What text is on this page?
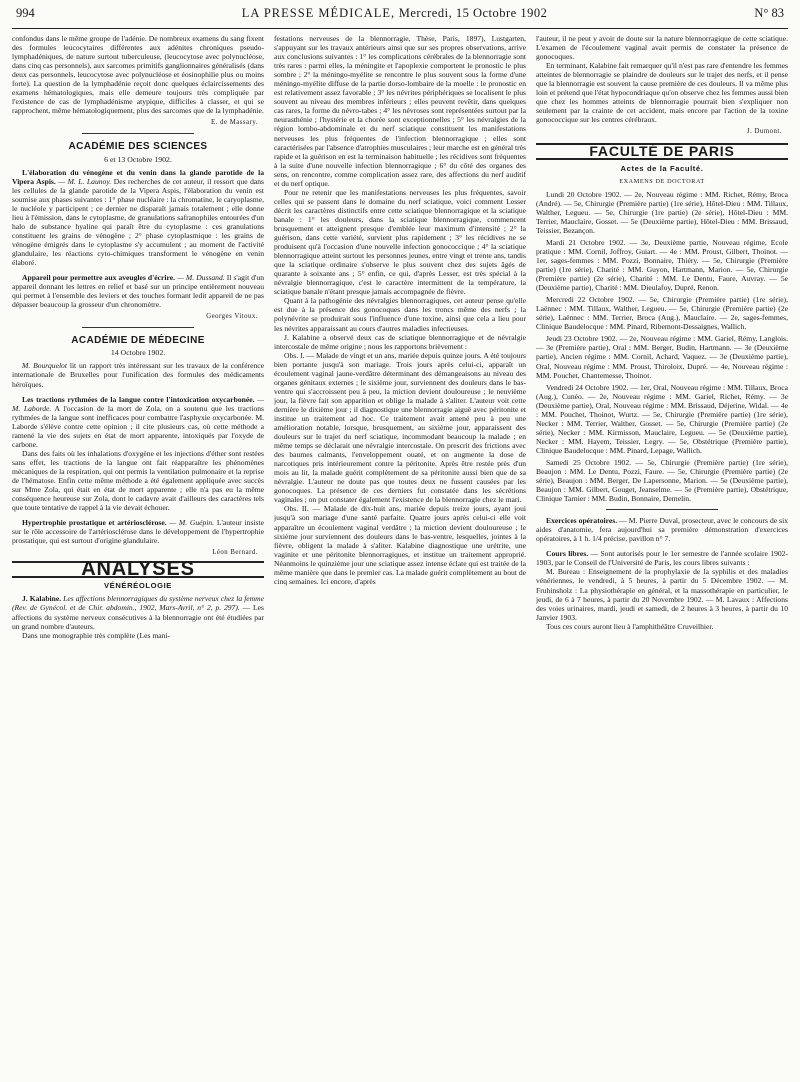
994	LA PRESSE MÉDICALE, Mercredi, 15 Octobre 1902	N° 83

confondus dans le même groupe de l'adénie. De nombreux examens du sang fixent des formules leucocytaires différentes aux adénites chroniques pseudo-lymphadéniques, de nature surtout tuberculeuse, (leucocytose avec polynucléose, dans cinq cas personnels), aux sarcomes primitifs ganglionnaires généralisés (dans deux cas personnels, leucocytose avec polynucléose et éosinophilie plus ou moins forte). La question de la lymphadénie reçoit donc quelques éclaircissements des examens hématologiques, mais elle demeure toujours très compliquée par l'existence de cas de lymphadénisme atypique, difficiles à classer, et qui se rapprochent, même hématologiquement, plus des sarcomes que de la lymphadénie.

E. de Massary.

ACADÉMIE DES SCIENCES
6 et 13 Octobre 1902.

L'élaboration du vénogène et du venin dans la glande parotide de la Vipera Aspis. — M. L. Launoy. Des recherches de cet auteur, il ressort que dans les cellules de la glande parotide de la Vipera Aspis, l'élaboration du venin est soumise aux phases suivantes : 1° phase nucléaire : la chromatine, le caryoplasme, le nucléole y participent ; ce dernier ne disparaît jamais totalement ; elle donne lieu à l'émission, dans le cytoplasme, de granulations safranophiles entourées d'un halo de substance hyaline qui paraît être du cytoplasme : ces granulations constituent les grains de vénogène ; 2° phase cytoplasmique : les grains de vénogène émigrés dans le cytoplasme s'y accumulent ; au moment de l'activité glandulaire, les réactions cyto-chimiques transforment le vénogène en venin élaboré.

Appareil pour permettre aux aveugles d'écrire. — M. Dussand. Il s'agit d'un appareil donnant les lettres en relief et basé sur un principe entièrement nouveau qui permet à l'ensemble des leviers et des touches formant ledit appareil de ne pas dépasser beaucoup la grosseur d'un chronomètre.

Georges Vitoux.

ACADÉMIE DE MÉDECINE
14 Octobre 1902.

M. Bourquelot lit un rapport très intéressant sur les travaux de la conférence internationale de Bruxelles pour l'unification des formules des médicaments héroïques.

Les tractions rythmées de la langue contre l'intoxication oxycarbonée. — M. Laborde. A l'occasion de la mort de Zola, on a soutenu que les tractions rythmées de la langue sont inefficaces pour combattre l'asphyxie oxycarbonée. M. Laborde s'élève contre cette opinion ; il cite plusieurs cas, où cette méthode a ramené la vie des sujets en état de mort apparente, intoxiqués par l'oxyde de carbone.

Dans des faits où les inhalations d'oxygène et les injections d'éther sont restées sans effet, les tractions de la langue ont fait réapparaître les phénomènes mécaniques de la respiration, qui ont permis la ventilation pulmonaire et la reprise de l'hématose. Enfin cette même méthode a été également appliquée avec succès sur Mme Zola, qui était en état de mort apparente ; elle n'a pas eu la même conséquence heureuse sur Zola, dont le cadavre avait d'ailleurs des caractères tels que toute tentative de rappel à la vie devait échouer.

Hypertrophie prostatique et artériosclérose. — M. Guépin. L'auteur insiste sur le rôle accessoire de l'artériosclérose dans le développement de l'hypertrophie prostatique, qui est surtout d'origine glandulaire.

Léon Bernard.

ANALYSES
VÉNÉRÉOLOGIE

J. Kalabine. Les affections blennorragiques du système nerveux chez la femme (Rev. de Gynécol. et de Chir. abdomin., 1902, Mars-Avril, n° 2, p. 297). — Les affections du système nerveux consécutives à la blennorragie ont été étudiées par un grand nombre d'auteurs.

Dans une monographie très complète (Les mani-

festations nerveuses de la blennorragie, Thèse, Paris, 1897), Lustgarten, s'appuyant sur les travaux antérieurs ainsi que sur ses propres observations, arrive aux conclusions suivantes : 1° les complications cérébrales de la blennorragie sont très rares : parmi elles, la méningite et l'apoplexie comportent le pronostic le plus sombre ; 2° la méningo-myélite se rencontre le plus souvent sous la forme d'une méningo-myélite diffuse de la partie dorso-lombaire de la moelle : le pronostic en est relativement assez favorable ; 3° les névrites périphériques se localisent le plus souvent au niveau des membres inférieurs ; elles peuvent revêtir, dans quelques cas rares, la forme du névro-tabes ; 4° les névroses sont représentées surtout par la neurasthénie ; l'hystérie et la chorée sont exceptionnelles ; 5° les névralgies de la région lombo-abdominale et du nerf sciatique constituent les manifestations nerveuses les plus fréquentes de l'infection blennorragique ; elles sont caractérisées par l'absence d'atrophies musculaires ; leur marche est en général très rapide et la guérison en est la terminaison habituelle ; les récidives sont fréquentes à la suite d'une nouvelle infection blennorragique ; 6° du côté des organes des sens, on rencontre, comme complication assez rare, des affections du nerf auditif et du nerf optique.

Pour ne retenir que les manifestations nerveuses les plus fréquentes, savoir celles qui se passent dans le domaine du nerf sciatique, voici comment Lesser décrit les caractères distinctifs entre cette sciatique blennorragique et la sciatique banale : 1° les douleurs, dans la sciatique blennorragique, commencent brusquement et atteignent presque d'emblée leur maximum d'intensité ; 2° la guérison, dans cette variété, survient plus rapidement ; 3° les récidives ne se produisent qu'à l'occasion d'une nouvelle infection gonococcique ; 4° la sciatique blennorragique atteint surtout les personnes jeunes, entre vingt et trente ans, tandis que la sciatique ordinaire s'observe le plus souvent chez des sujets âgés de quarante à soixante ans ; 5° enfin, ce qui, d'après Lesser, est très spécial à la névralgie blennorragique, c'est le caractère intermittent de la température, la sciatique banale n'étant presque jamais accompagnée de fièvre.

Quant à la pathogénie des névralgies blennorragiques, cet auteur pense qu'elle est due à la présence des gonocoques dans les troncs même des nerfs ; la polynévrite se produirait sous l'influence d'une toxine, ainsi que cela a lieu pour les névrites apparaissant au cours d'autres maladies infectieuses.

J. Kalabine a observé deux cas de sciatique blennorragique et de névralgie intercostale de même origine ; nous les rapportons brièvement :

Obs. I. — Malade de vingt et un ans, mariée depuis quinze jours. A été toujours bien portante jusqu'à son mariage. Trois jours après celui-ci, apparaît un écoulement vaginal jaune-verdâtre déterminant des démangeaisons au niveau des organes génitaux externes ; le sixième jour, surviennent des douleurs dans le bas-ventre qui s'accroissent peu à peu, la miction devient douloureuse ; le neuvième jour, la fièvre fait son apparition et oblige la malade à s'aliter. L'auteur voit cette dernière le dixième jour ; il diagnostique une blennorragie aiguë avec péritonite et institue un traitement ad hoc. Ce traitement avait amené peu à peu une amélioration notable, lorsque, brusquement, au sixième jour, apparaissent des douleurs sur le trajet du nerf sciatique, incommodant beaucoup la malade ; en même temps se déclarait une névralgie intercostale. On prescrit des frictions avec des baumes calmants, l'enveloppement ouaté, et on augmente la dose de narcotiques pris intérieurement contre la péritonite. Après être restée près d'un mois au lit, la malade guérit complètement de sa péritonite aussi bien que de sa névralgie. L'auteur ne doute pas que toutes deux ne fussent causées par les gonocoques. La présence de ces derniers fut constatée dans les sécrétions vaginales ; on put constater également l'existence de la blennorragie chez le mari.

Obs. II. — Malade de dix-huit ans, mariée depuis treize jours, ayant joui jusqu'à son mariage d'une santé parfaite. Quatre jours après celui-ci elle voit apparaître un écoulement vaginal verdâtre ; la miction devient douloureuse ; le sixième jour surviennent des douleurs dans le bas-ventre, lesquelles, jointes à la fièvre, obligent la malade à s'aliter. Kalabine diagnostique une urétrite, une vaginite et une péritonite blennorragiques, et institue un traitement approprié. Néanmoins le quinzième jour une sciatique assez intense éclate qui est traitée de la même manière que dans le premier cas. La malade guérit complètement au bout de cinq semaines. Ici encore, d'après

l'auteur, il ne peut y avoir de doute sur la nature blennorragique de cette sciatique. L'examen de l'écoulement vaginal avait permis de constater la présence de gonocoques.

En terminant, Kalabine fait remarquer qu'il n'est pas rare d'entendre les femmes atteintes de blennorragie se plaindre de douleurs sur le trajet des nerfs, et il pense que la blennorragie est souvent la cause première de ces douleurs. Il va même plus loin et prétend que l'état hypocondriaque qu'on observe chez les femmes aussi bien que chez les hommes atteints de blennorragie pourrait bien s'expliquer non seulement par la crainte de cet accident, mais encore par l'action de la toxine gonococcique sur les centres cérébraux.

J. Dumont.

FACULTÉ DE PARIS
Actes de la Faculté.
EXAMENS DE DOCTORAT

Lundi 20 Octobre 1902. — 2e, Nouveau régime : MM. Richet, Rémy, Broca (André). — 5e, Chirurgie (Première partie) (1re série), Hôtel-Dieu : MM. Tillaux, Walther, Legueu. — 5e, Chirurgie (1re partie) (2e série), Hôtel-Dieu : MM. Terrier, Mauclaire, Gosset. — 5e (Deuxième partie), Hôtel-Dieu : MM. Brissaud, Teissier, Bezançon.

Mardi 21 Octobre 1902. — 3e, Deuxième partie, Nouveau régime, Ecole pratique : MM. Cornil, Joffroy, Guiart. — 4e : MM. Proust, Gilbert, Thoinot. — 1er, sages-femmes : MM. Pozzi, Bonnaire, Thiéry. — 5e, Chirurgie (Première partie) (1re série), Charité : MM. Guyon, Hartmann, Marion. — 5e, Chirurgie (Première partie) (2e série), Charité : MM. Le Dentu, Faure, Auvray. — 5e (Deuxième partie), Charité : MM. Dieulafoy, Dupré, Renon.

Mercredi 22 Octobre 1902. — 5e, Chirurgie (Première partie) (1re série), Laënnec : MM. Tillaux, Walther, Legueu. — 5e, Chirurgie (Première partie) (2e série), Laënnec : MM. Terrier, Broca (Aug.), Mauclaire. — 2e, sages-femmes, Clinique Baudelocque : MM. Pinard, Ribemont-Dessaignes, Wallich.

Jeudi 23 Octobre 1902. — 2e, Nouveau régime : MM. Gariel, Rémy, Langlois. — 3e (Première partie), Oral : MM. Berger, Budin, Hartmann. — 3e (Deuxième partie), Ancien régime : MM. Cornil, Achard, Vaquez. — 3e (Deuxième partie), Oral, Nouveau régime : MM. Proust, Thiroloix, Dupré. — 4e, Nouveau régime : MM. Pouchet, Chantemesse, Thoinot.

Vendredi 24 Octobre 1902. — 1er, Oral, Nouveau régime : MM. Tillaux, Broca (Aug.), Cunéo. — 2e, Nouveau régime : MM. Gariel, Richet, Rémy. — 3e (Deuxième partie), Oral, Nouveau régime : MM. Brissaud, Déjerine, Widal. — 4e : MM. Pouchet, Thoinot, Wurtz. — 5e, Chirurgie (Première partie) (1re série), Necker : MM. Terrier, Walther, Gosset. — 5e, Chirurgie (Première partie) (2e série), Necker : MM. Kirmisson, Mauclaire, Legueu. — 5e (Deuxième partie), Necker : MM. Hayem, Teissier, Legry. — 5e, Obstétrique (Première partie), Clinique Baudelocque : MM. Pinard, Lepage, Wallich.

Samedi 25 Octobre 1902. — 5e, Chirurgie (Première partie) (1re série), Beaujon : MM. Le Dentu, Pozzi, Faure. — 5e, Chirurgie (Première partie) (2e série), Beaujon : MM. Berger, De Lapersonne, Marion. — 5e (Deuxième partie), Beaujon : MM. Gilbert, Gouget, Jeanselme. — 5e (Première partie), Obstétrique, Clinique Tarnier : MM. Budin, Bonnaire, Demelin.

Exercices opératoires. — M. Pierre Duval, prosecteur, avec le concours de six aides d'anatomie, fera aujourd'hui sa première démonstration d'exercices opératoires, à 1 h. 1/4 précise, pavillon n° 7.

Cours libres. — Sont autorisés pour le 1er semestre de l'année scolaire 1902-1903, par le Conseil de l'Université de Paris, les cours libres suivants :

M. Bureau : Enseignement de la prophylaxie de la syphilis et des maladies vénériennes, le vendredi, à 5 heures, à partir du 5 Décembre 1902. — M. Fruhinsholz : La physiothérapie en général, et la massothérapie en particulier, le jeudi, de 6 à 7 heures, à partir du 20 Novembre 1902. — M. Lavaux : Affections des voies urinaires, mardi, jeudi et samedi, de 2 heures à 3 heures, à partir du 10 Janvier 1903.

Tous ces cours auront lieu à l'amphithéâtre Cruveilhier.
